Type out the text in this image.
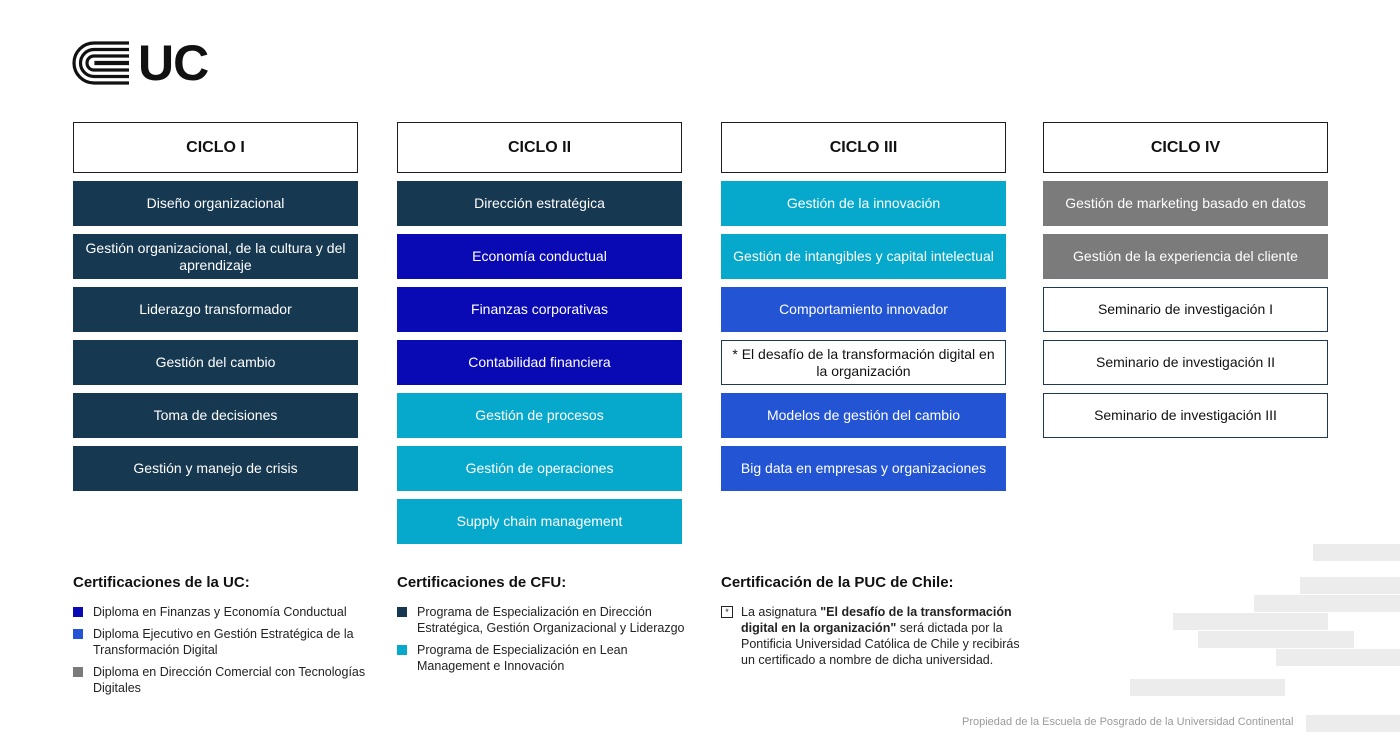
UC
CICLO I
Diseño organizacional
Gestión organizacional, de la cultura y del aprendizaje
Liderazgo transformador
Gestión del cambio
Toma de decisiones
Gestión y manejo de crisis
CICLO II
Dirección estratégica
Economía conductual
Finanzas corporativas
Contabilidad financiera
Gestión de procesos
Gestión de operaciones
Supply chain management
CICLO III
Gestión de la innovación
Gestión de intangibles y capital intelectual
Comportamiento innovador
* El desafío de la transformación digital en la organización
Modelos de gestión del cambio
Big data en empresas y organizaciones
CICLO IV
Gestión de marketing basado en datos
Gestión de la experiencia del cliente
Seminario de investigación I
Seminario de investigación II
Seminario de investigación III
Certificaciones de la UC:
Diploma en Finanzas y Economía Conductual
Diploma Ejecutivo en Gestión Estratégica de la Transformación Digital
Diploma en Dirección Comercial con Tecnologías Digitales
Certificaciones de CFU:
Programa de Especialización en Dirección Estratégica, Gestión Organizacional y Liderazgo
Programa de Especialización en Lean Management e Innovación
Certificación de la PUC de Chile:
* La asignatura "El desafío de la transformación digital en la organización" será dictada por la Pontificia Universidad Católica de Chile y recibirás un certificado a nombre de dicha universidad.
Propiedad de la Escuela de Posgrado de la Universidad Continental
